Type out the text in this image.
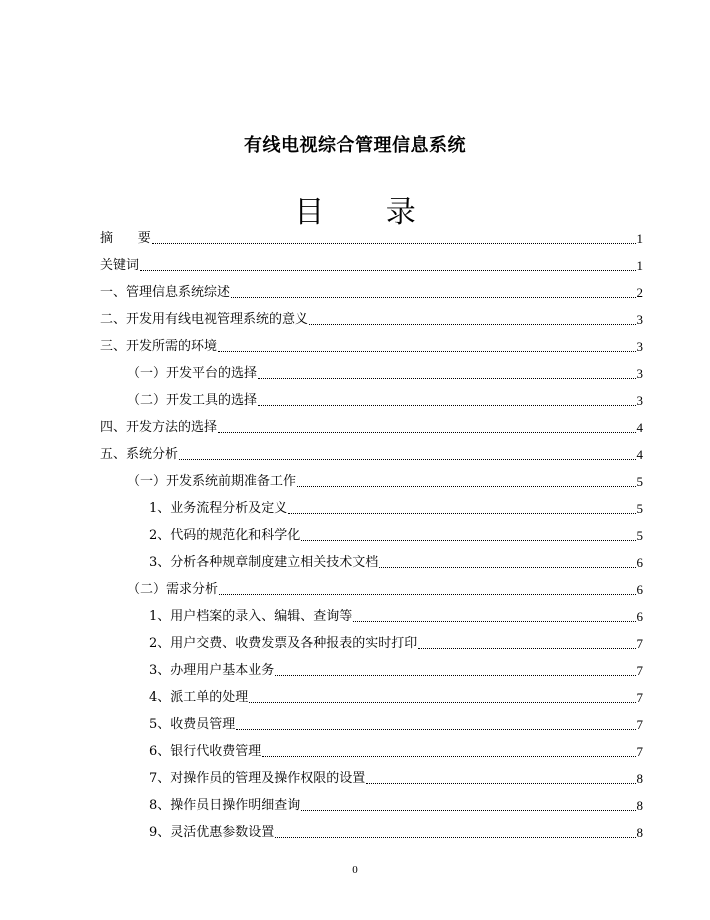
有线电视综合管理信息系统
目 录
摘      要	1
关键词	1
一、管理信息系统综述	2
二、开发用有线电视管理系统的意义	3
三、开发所需的环境	3
（一）开发平台的选择	3
（二）开发工具的选择	3
四、开发方法的选择	4
五、系统分析	4
（一）开发系统前期准备工作	5
1、业务流程分析及定义	5
2、代码的规范化和科学化	5
3、分析各种规章制度建立相关技术文档	6
（二）需求分析	6
1、用户档案的录入、编辑、查询等	6
2、用户交费、收费发票及各种报表的实时打印	7
3、办理用户基本业务	7
4、派工单的处理	7
5、收费员管理	7
6、银行代收费管理	7
7、对操作员的管理及操作权限的设置	8
8、操作员日操作明细查询	8
9、灵活优惠参数设置	8
0
